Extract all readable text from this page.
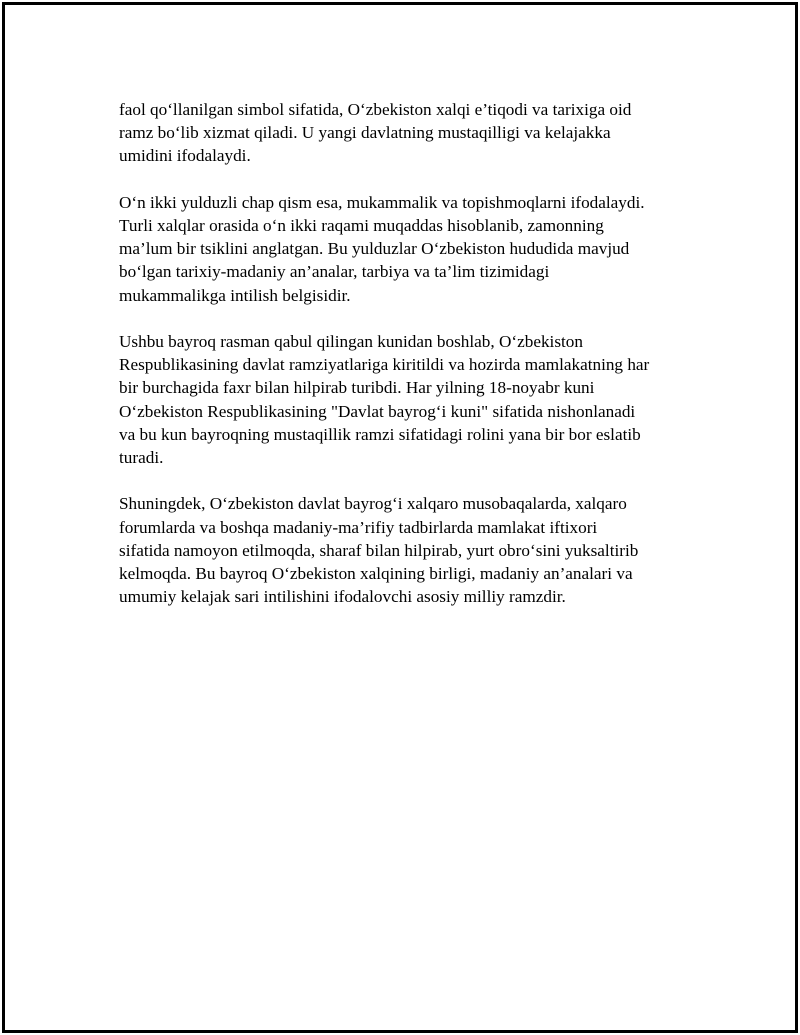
faol qo‘llanilgan simbol sifatida, O‘zbekiston xalqi e’tiqodi va tarixiga oid
ramz bo‘lib xizmat qiladi. U yangi davlatning mustaqilligi va kelajakka
umidini ifodalaydi.

O‘n ikki yulduzli chap qism esa, mukammalik va topishmoqlarni ifodalaydi.
Turli xalqlar orasida o‘n ikki raqami muqaddas hisoblanib, zamonning
ma’lum bir tsiklini anglatgan. Bu yulduzlar O‘zbekiston hududida mavjud
bo‘lgan tarixiy-madaniy an’analar, tarbiya va ta’lim tizimidagi
mukammalikga intilish belgisidir.

Ushbu bayroq rasman qabul qilingan kunidan boshlab, O‘zbekiston
Respublikasining davlat ramziyatlariga kiritildi va hozirda mamlakatning har
bir burchagida faxr bilan hilpirab turibdi. Har yilning 18-noyabr kuni
O‘zbekiston Respublikasining "Davlat bayrog‘i kuni" sifatida nishonlanadi
va bu kun bayroqning mustaqillik ramzi sifatidagi rolini yana bir bor eslatib
turadi.

Shuningdek, O‘zbekiston davlat bayrog‘i xalqaro musobaqalarda, xalqaro
forumlarda va boshqa madaniy-ma’rifiy tadbirlarda mamlakat iftixori
sifatida namoyon etilmoqda, sharaf bilan hilpirab, yurt obro‘sini yuksaltirib
kelmoqda. Bu bayroq O‘zbekiston xalqining birligi, madaniy an’analari va
umumiy kelajak sari intilishini ifodalovchi asosiy milliy ramzdir.
